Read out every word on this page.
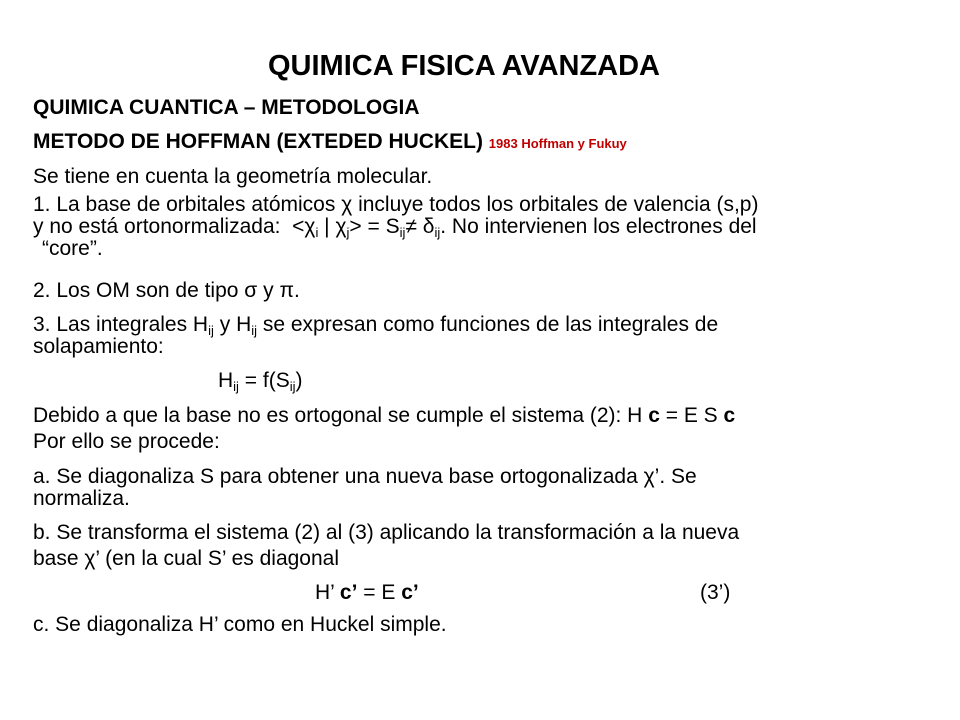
QUIMICA FISICA AVANZADA
QUIMICA CUANTICA – METODOLOGIA
METODO DE HOFFMAN (EXTEDED HUCKEL) 1983 Hoffman y Fukuy
Se tiene en cuenta la geometría molecular.
1. La base de orbitales atómicos χ incluye todos los orbitales de valencia (s,p)
y no está ortonormalizada: $<\chi_i$ | $\chi_j> = S_{ij}\ne \delta_{ij}$. No intervienen los electrones del
“core”.
2. Los OM son de tipo σ y π.
3. Las integrales $H_{ij}$ y $H_{ij}$ se expresan como funciones de las integrales de
solapamiento:
$H_{ij} = f(S_{ij})$
Debido a que la base no es ortogonal se cumple el sistema (2): H c = E S c
Por ello se procede:
a. Se diagonaliza S para obtener una nueva base ortogonalizada χ’. Se
normaliza.
b. Se transforma el sistema (2) al (3) aplicando la transformación a la nueva
base χ’ (en la cual S’ es diagonal
H’ c’ = E c’	(3’)
c. Se diagonaliza H’ como en Huckel simple.
